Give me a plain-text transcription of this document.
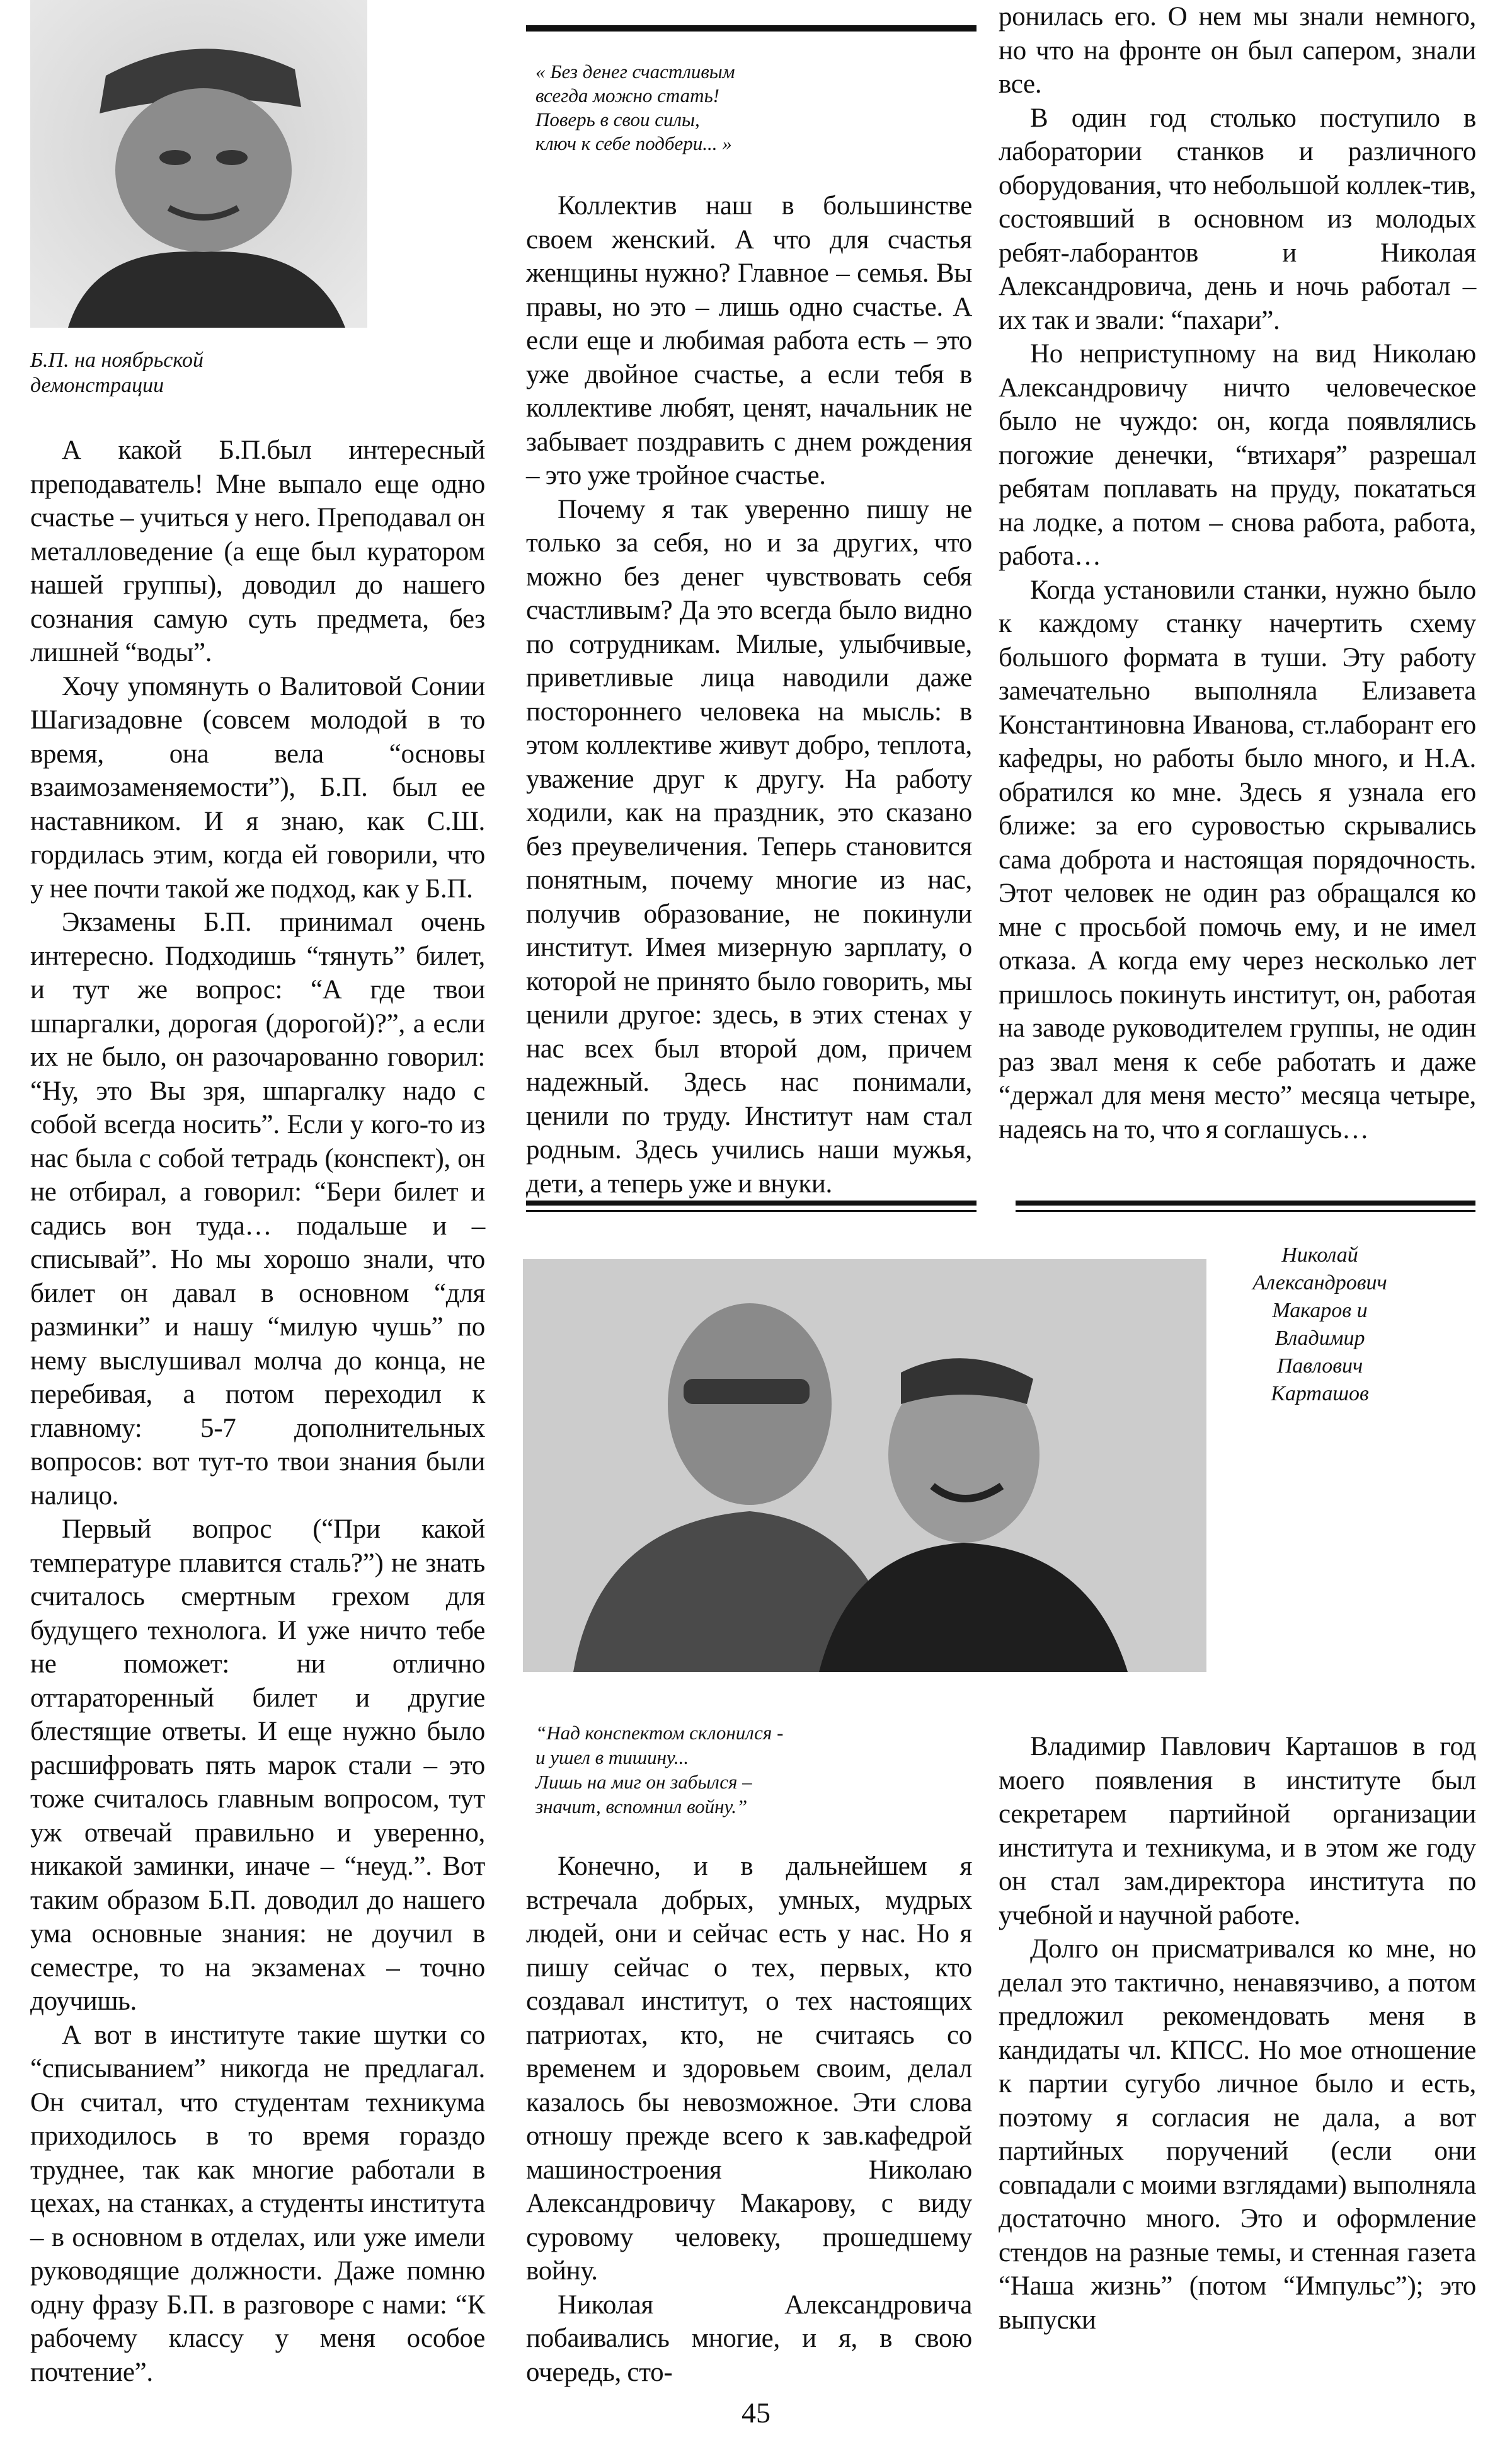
Б.П. на ноябрьской
демонстрации

А какой Б.П.был интересный преподаватель! Мне выпало еще одно счастье – учиться у него. Преподавал он металловедение (а еще был куратором нашей группы), доводил до нашего сознания самую суть предмета, без лишней “воды”.

Хочу упомянуть о Валитовой Сонии Шагизадовне (совсем молодой в то время, она вела “основы взаимозаменяемости”), Б.П. был ее наставником. И я знаю, как С.Ш. гордилась этим, когда ей говорили, что у нее почти такой же подход, как у Б.П.

Экзамены Б.П. принимал очень интересно. Подходишь “тянуть” билет, и тут же вопрос: “А где твои шпаргалки, дорогая (дорогой)?”, а если их не было, он разочарованно говорил: “Ну, это Вы зря, шпаргалку надо с собой всегда носить”. Если у кого-то из нас была с собой тетрадь (конспект), он не отбирал, а говорил: “Бери билет и садись вон туда… подальше и – списывай”. Но мы хорошо знали, что билет он давал в основном “для разминки” и нашу “милую чушь” по нему выслушивал молча до конца, не перебивая, а потом переходил к главному: 5-7 дополнительных вопросов: вот тут-то твои знания были налицо.

Первый вопрос (“При какой температуре плавится сталь?”) не знать считалось смертным грехом для будущего технолога. И уже ничто тебе не поможет: ни отлично оттараторенный билет и другие блестящие ответы. И еще нужно было расшифровать пять марок стали – это тоже считалось главным вопросом, тут уж отвечай правильно и уверенно, никакой заминки, иначе – “неуд.”. Вот таким образом Б.П. доводил до нашего ума основные знания: не доучил в семестре, то на экзаменах – точно доучишь.

А вот в институте такие шутки со “списыванием” никогда не предлагал. Он считал, что студентам техникума приходилось в то время гораздо труднее, так как многие работали в цехах, на станках, а студенты института – в основном в отделах, или уже имели руководящие должности. Даже помню одну фразу Б.П. в разговоре с нами: “К рабочему классу у меня особое почтение”.

« Без денег счастливым
всегда можно стать!
Поверь в свои силы,
ключ к себе подбери... »

Коллектив наш в большинстве своем женский. А что для счастья женщины нужно? Главное – семья. Вы правы, но это – лишь одно счастье. А если еще и любимая работа есть – это уже двойное счастье, а если тебя в коллективе любят, ценят, начальник не забывает поздравить с днем рождения – это уже тройное счастье.

Почему я так уверенно пишу не только за себя, но и за других, что можно без денег чувствовать себя счастливым? Да это всегда было видно по сотрудникам. Милые, улыбчивые, приветливые лица наводили даже постороннего человека на мысль: в этом коллективе живут добро, теплота, уважение друг к другу. На работу ходили, как на праздник, это сказано без преувеличения. Теперь становится понятным, почему многие из нас, получив образование, не покинули институт. Имея мизерную зарплату, о которой не принято было говорить, мы ценили другое: здесь, в этих стенах у нас всех был второй дом, причем надежный. Здесь нас понимали, ценили по труду. Институт нам стал родным. Здесь учились наши мужья, дети, а теперь уже и внуки.

ронилась его. О нем мы знали немного, но что на фронте он был сапером, знали все.

В один год столько поступило в лаборатории станков и различного оборудования, что небольшой коллек-тив, состоявший в основном из молодых ребят-лаборантов и Николая Александровича, день и ночь работал – их так и звали: “пахари”.

Но неприступному на вид Николаю Александровичу ничто человеческое было не чуждо: он, когда появлялись погожие денечки, “втихаря” разрешал ребятам поплавать на пруду, покататься на лодке, а потом – снова работа, работа, работа…

Когда установили станки, нужно было к каждому станку начертить схему большого формата в туши. Эту работу замечательно выполняла Елизавета Константиновна Иванова, ст.лаборант его кафедры, но работы было много, и Н.А. обратился ко мне. Здесь я узнала его ближе: за его суровостью скрывались сама доброта и настоящая порядочность. Этот человек не один раз обращался ко мне с просьбой помочь ему, и не имел отказа. А когда ему через несколько лет пришлось покинуть институт, он, работая на заводе руководителем группы, не один раз звал меня к себе работать и даже “держал для меня место” месяца четыре, надеясь на то, что я соглашусь…

Николай
Александрович
Макаров и
Владимир
Павлович
Карташов
“Над конспектом склонился -
и ушел в тишину...
Лишь на миг он забылся –
значит, вспомнил войну.”

Конечно, и в дальнейшем я встречала добрых, умных, мудрых людей, они и сейчас есть у нас. Но я пишу сейчас о тех, первых, кто создавал институт, о тех настоящих патриотах, кто, не считаясь со временем и здоровьем своим, делал казалось бы невозможное. Эти слова отношу прежде всего к зав.кафедрой машиностроения Николаю Александровичу Макарову, с виду суровому человеку, прошедшему войну.

Николая Александровича побаивались многие, и я, в свою очередь, сто-

Владимир Павлович Карташов в год моего появления в институте был секретарем партийной организации института и техникума, и в этом же году он стал зам.директора института по учебной и научной работе.

Долго он присматривался ко мне, но делал это тактично, ненавязчиво, а потом предложил рекомендовать меня в кандидаты чл. КПСС. Но мое отношение к партии сугубо личное было и есть, поэтому я согласия не дала, а вот партийных поручений (если они совпадали с моими взглядами) выполняла достаточно много. Это и оформление стендов на разные темы, и стенная газета “Наша жизнь” (потом “Импульс”); это выпуски

45
